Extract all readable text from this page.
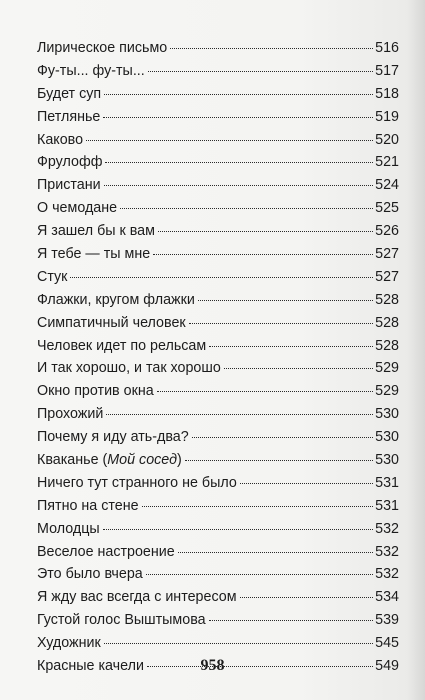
Лирическое письмо	516
Фу-ты... фу-ты...	517
Будет суп	518
Петлянье	519
Каково	520
Фрулофф	521
Пристани	524
О чемодане	525
Я зашел бы к вам	526
Я тебе — ты мне	527
Стук	527
Флажки, кругом флажки	528
Симпатичный человек	528
Человек идет по рельсам	528
И так хорошо, и так хорошо	529
Окно против окна	529
Прохожий	530
Почему я иду ать-два?	530
Кваканье (Мой сосед)	530
Ничего тут странного не было	531
Пятно на стене	531
Молодцы	532
Веселое настроение	532
Это было вчера	532
Я жду вас всегда с интересом	534
Густой голос Выштымова	539
Художник	545
Красные качели	549
958
